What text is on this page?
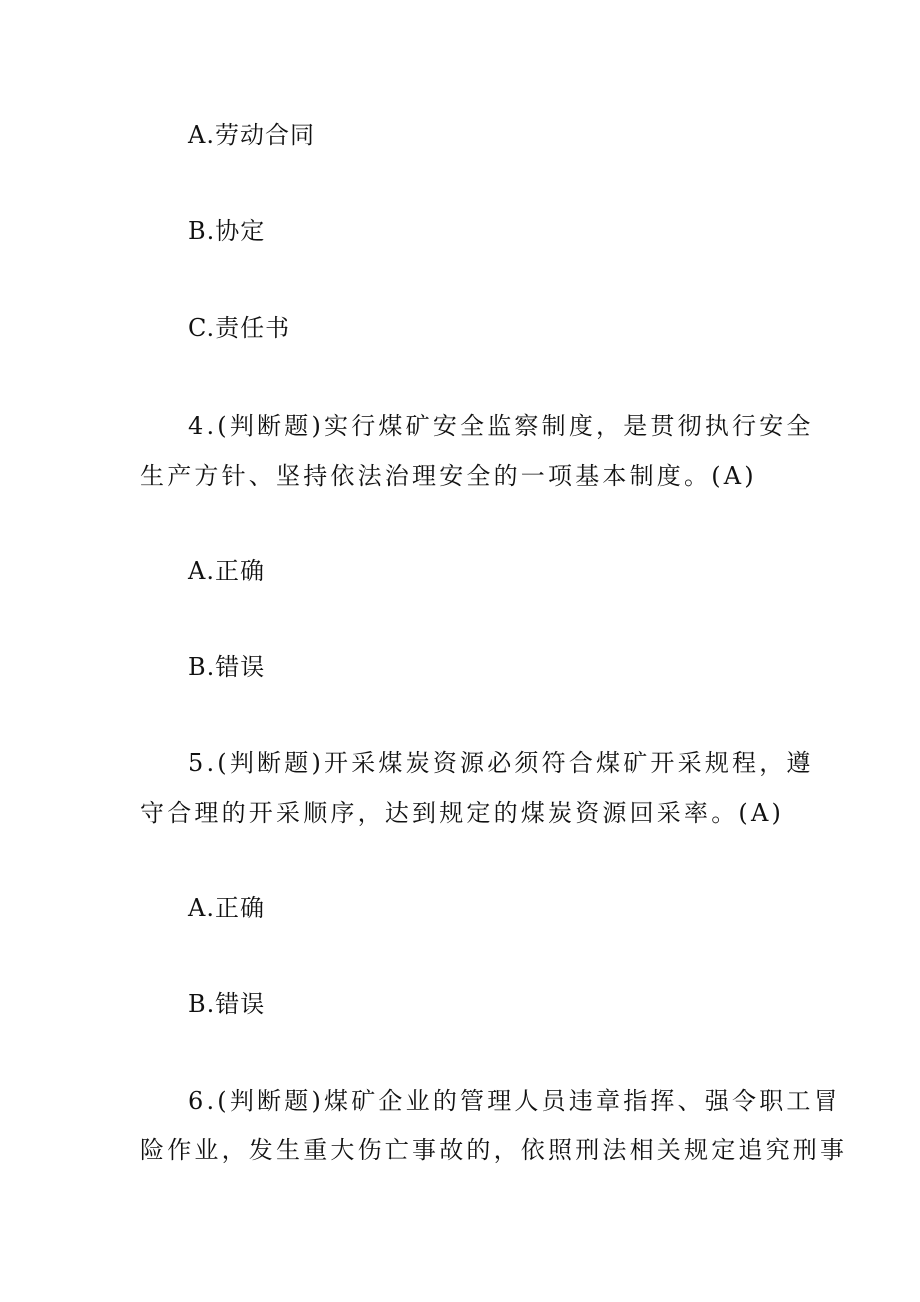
A.劳动合同
B.协定
C.责任书
4.(判断题)实行煤矿安全监察制度，是贯彻执行安全
生产方针、坚持依法治理安全的一项基本制度。(A)
A.正确
B.错误
5.(判断题)开采煤炭资源必须符合煤矿开采规程，遵
守合理的开采顺序，达到规定的煤炭资源回采率。(A)
A.正确
B.错误
6.(判断题)煤矿企业的管理人员违章指挥、强令职工冒
险作业，发生重大伤亡事故的，依照刑法相关规定追究刑事
